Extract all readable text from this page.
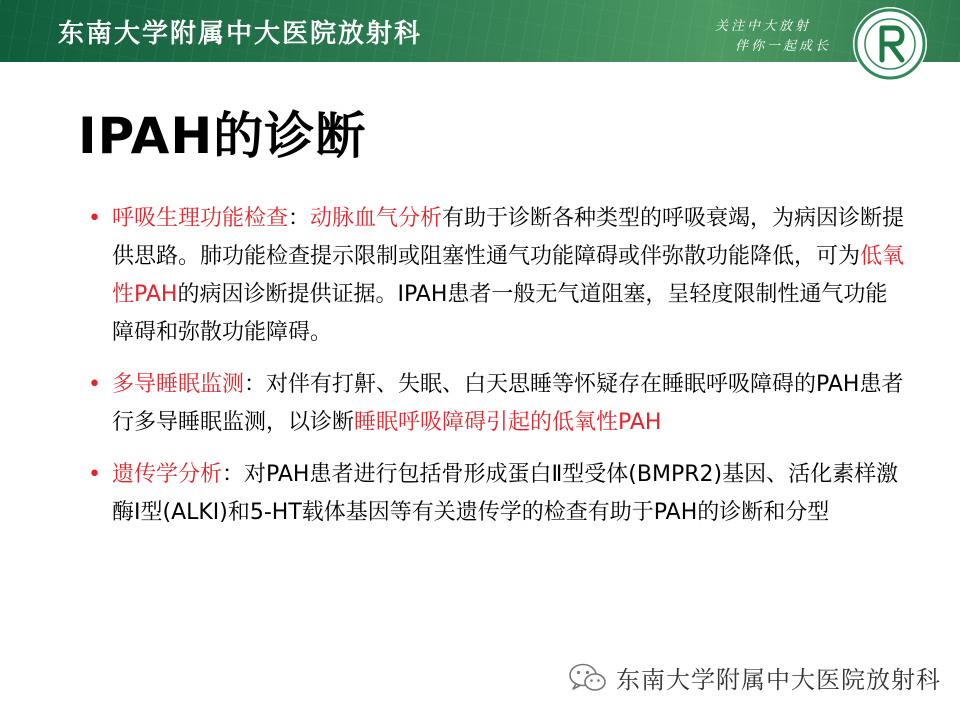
东南大学附属中大医院放射科	关注中大放射
伴你一起成长
IPAH的诊断
• 呼吸生理功能检查：动脉血气分析有助于诊断各种类型的呼吸衰竭，为病因诊断提供思路。肺功能检查提示限制或阻塞性通气功能障碍或伴弥散功能降低，可为低氧性PAH的病因诊断提供证据。IPAH患者一般无气道阻塞，呈轻度限制性通气功能障碍和弥散功能障碍。
• 多导睡眠监测：对伴有打鼾、失眠、白天思睡等怀疑存在睡眠呼吸障碍的PAH患者行多导睡眠监测，以诊断睡眠呼吸障碍引起的低氧性PAH
• 遗传学分析：对PAH患者进行包括骨形成蛋白Ⅱ型受体(BMPR2)基因、活化素样激酶Ⅰ型(ALKI)和5-HT载体基因等有关遗传学的检查有助于PAH的诊断和分型
东南大学附属中大医院放射科
